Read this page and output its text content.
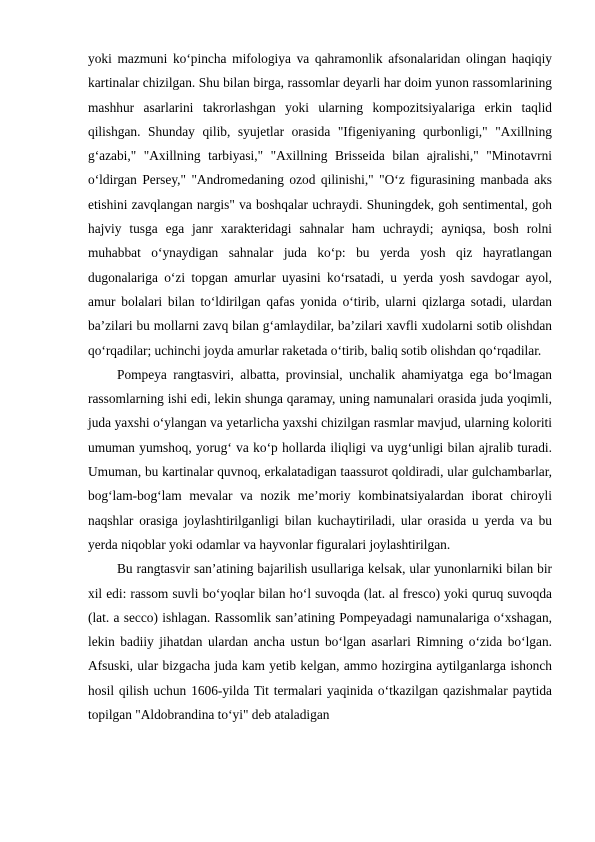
yoki mazmuni ko‘pincha mifologiya va qahramonlik afsonalaridan olingan haqiqiy kartinalar chizilgan. Shu bilan birga, rassomlar deyarli har doim yunon rassomlarining mashhur asarlarini takrorlashgan yoki ularning kompozitsiyalariga erkin taqlid qilishgan. Shunday qilib, syujetlar orasida "Ifigeniyaning qurbonligi," "Axillning g‘azabi," "Axillning tarbiyasi," "Axillning Brisseida bilan ajralishi," "Minotavrni o‘ldirgan Persey," "Andromedaning ozod qilinishi," "O‘z figurasining manbada aks etishini zavqlangan nargis" va boshqalar uchraydi. Shuningdek, goh sentimental, goh hajviy tusga ega janr xarakteridagi sahnalar ham uchraydi; ayniqsa, bosh rolni muhabbat o‘ynaydigan sahnalar juda ko‘p: bu yerda yosh qiz hayratlangan dugonalariga o‘zi topgan amurlar uyasini ko‘rsatadi, u yerda yosh savdogar ayol, amur bolalari bilan to‘ldirilgan qafas yonida o‘tirib, ularni qizlarga sotadi, ulardan ba’zilari bu mollarni zavq bilan g‘amlaydilar, ba’zilari xavfli xudolarni sotib olishdan qo‘rqadilar; uchinchi joyda amurlar raketada o‘tirib, baliq sotib olishdan qo‘rqadilar.

Pompeya rangtasviri, albatta, provinsial, unchalik ahamiyatga ega bo‘lmagan rassomlarning ishi edi, lekin shunga qaramay, uning namunalari orasida juda yoqimli, juda yaxshi o‘ylangan va yetarlicha yaxshi chizilgan rasmlar mavjud, ularning koloriti umuman yumshoq, yorug‘ va ko‘p hollarda iliqligi va uyg‘unligi bilan ajralib turadi. Umuman, bu kartinalar quvnoq, erkalatadigan taassurot qoldiradi, ular gulchambarlar, bog‘lam-bog‘lam mevalar va nozik me’moriy kombinatsiyalardan iborat chiroyli naqshlar orasiga joylashtirilganligi bilan kuchaytiriladi, ular orasida u yerda va bu yerda niqoblar yoki odamlar va hayvonlar figuralari joylashtirilgan.

Bu rangtasvir san’atining bajarilish usullariga kelsak, ular yunonlarniki bilan bir xil edi: rassom suvli bo‘yoqlar bilan ho‘l suvoqda (lat. al fresco) yoki quruq suvoqda (lat. a secco) ishlagan. Rassomlik san’atining Pompeyadagi namunalariga o‘xshagan, lekin badiiy jihatdan ulardan ancha ustun bo‘lgan asarlari Rimning o‘zida bo‘lgan. Afsuski, ular bizgacha juda kam yetib kelgan, ammo hozirgina aytilganlarga ishonch hosil qilish uchun 1606-yilda Tit termalari yaqinida o‘tkazilgan qazishmalar paytida topilgan "Aldobrandina to‘yi" deb ataladigan
